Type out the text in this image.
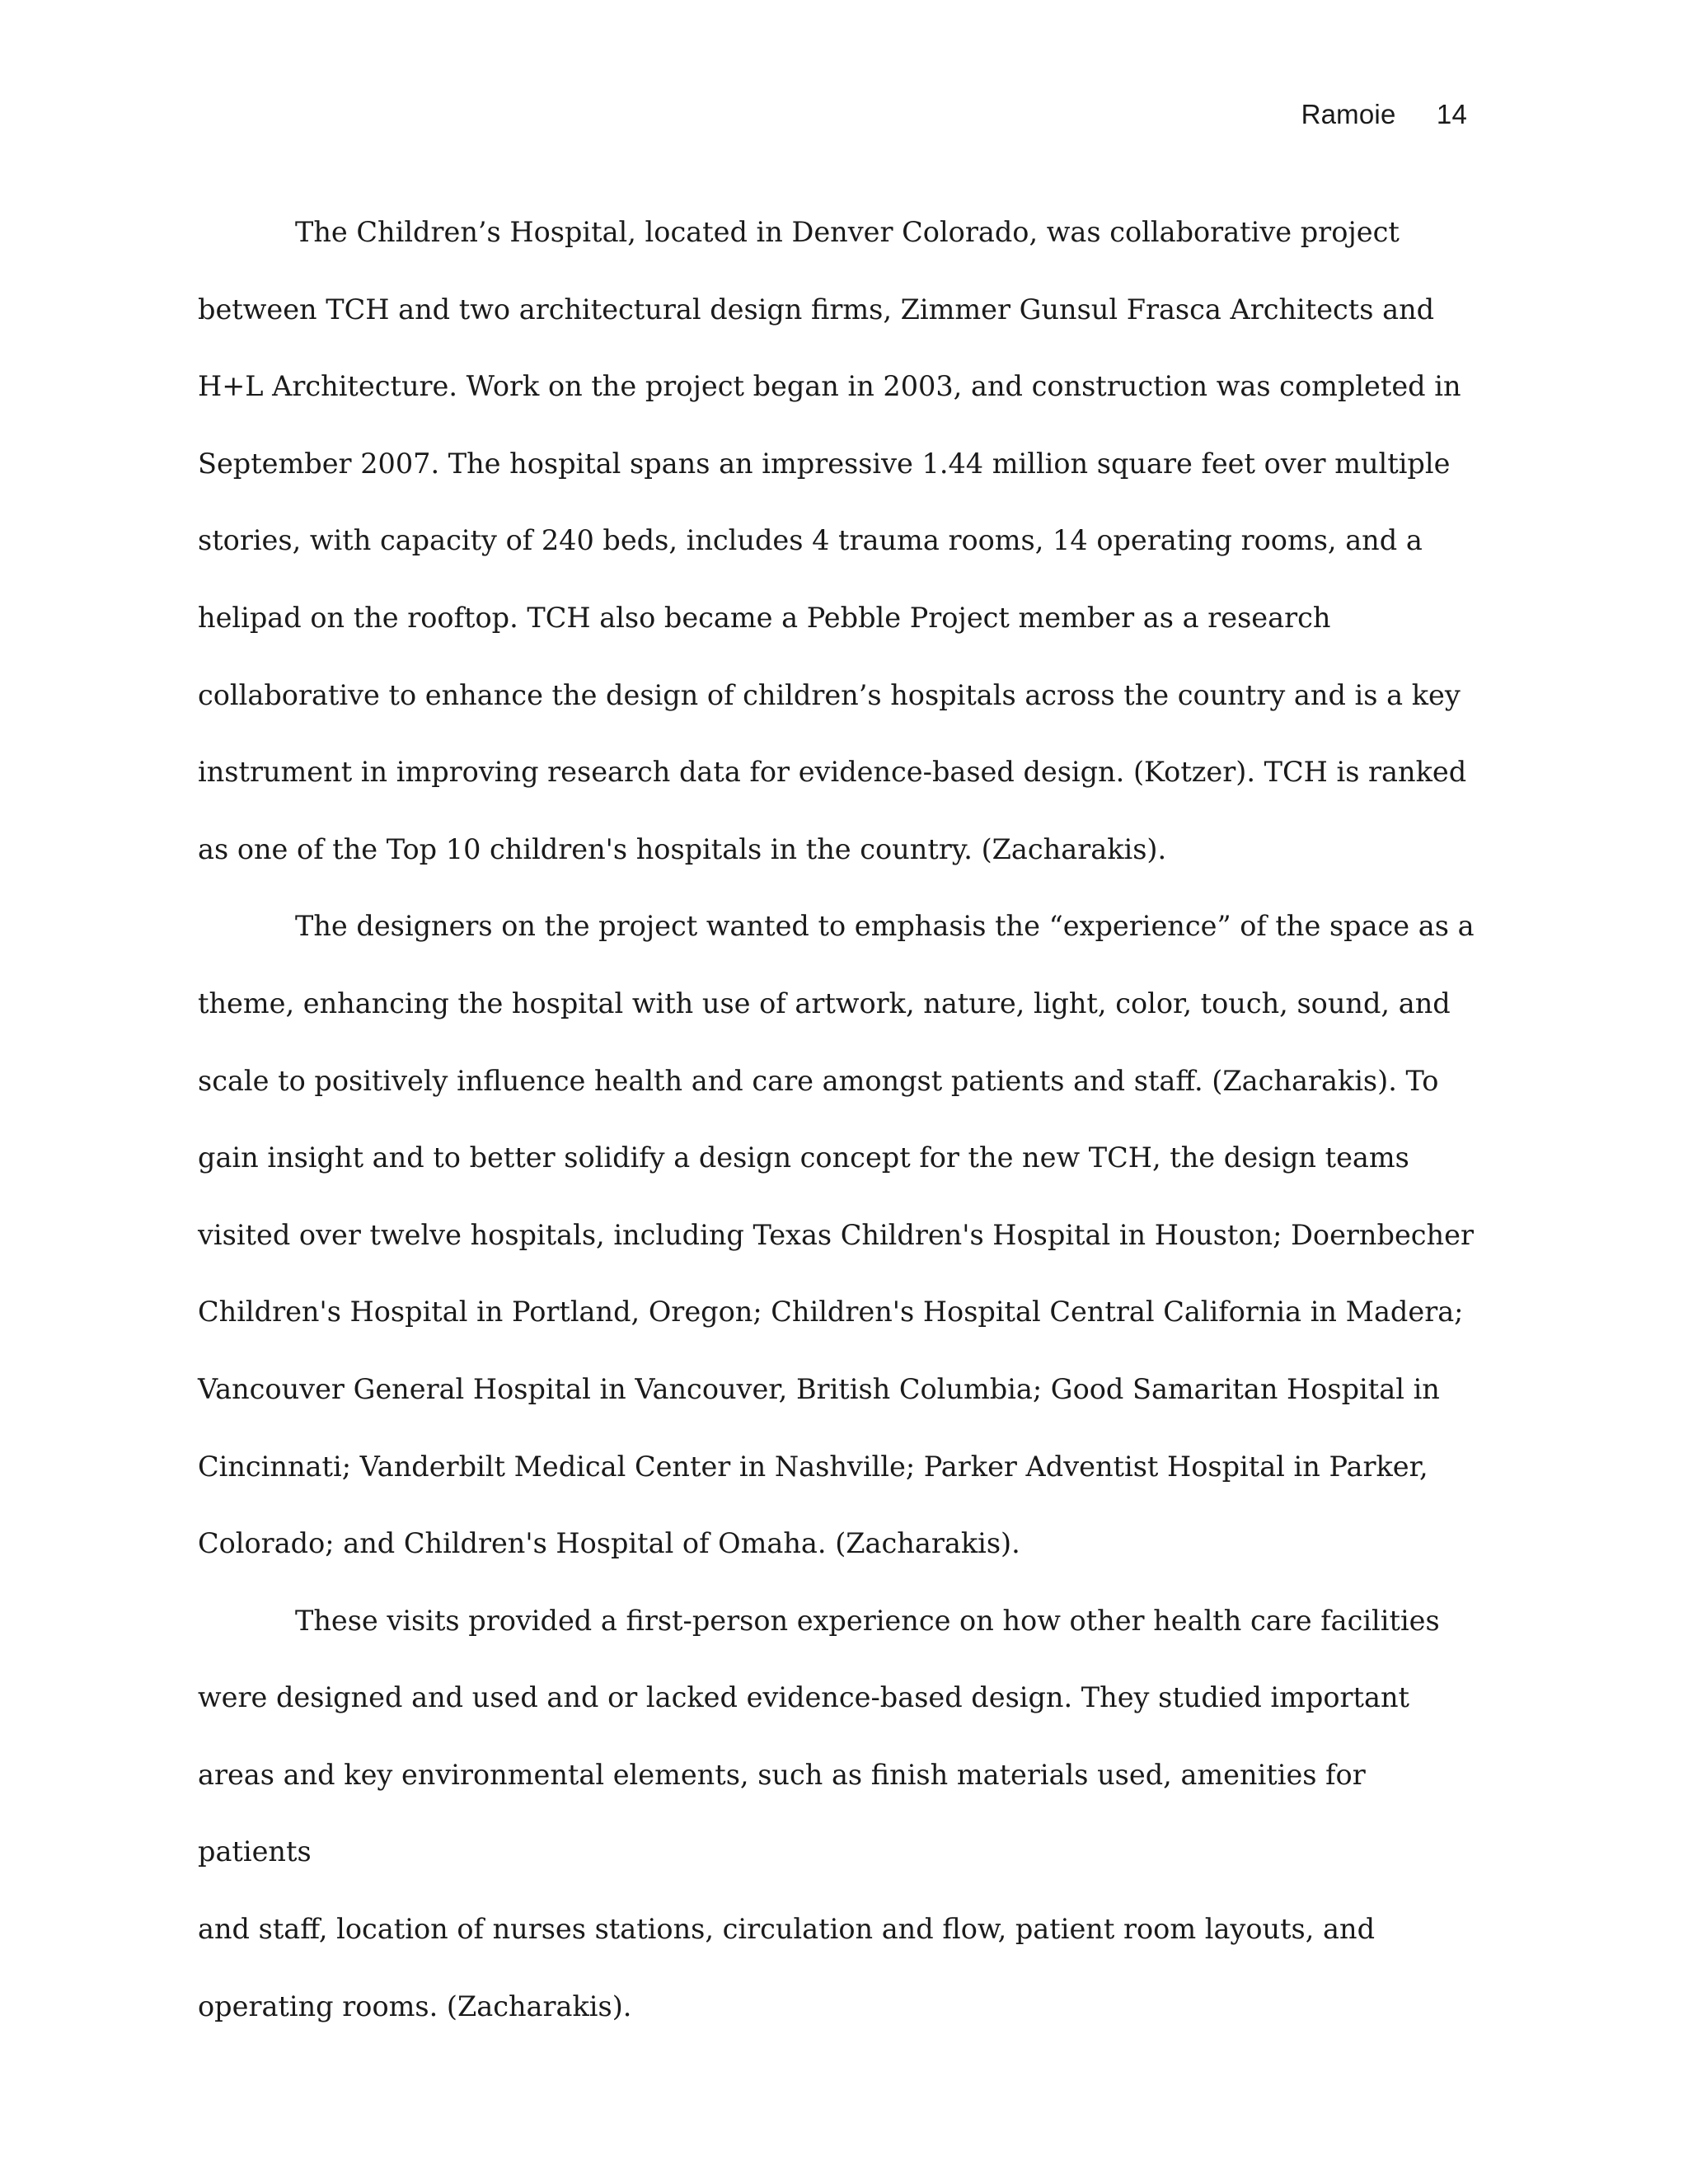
Ramoie 14

The Children’s Hospital, located in Denver Colorado, was collaborative project
between TCH and two architectural design firms, Zimmer Gunsul Frasca Architects and
H+L Architecture. Work on the project began in 2003, and construction was completed in
September 2007. The hospital spans an impressive 1.44 million square feet over multiple
stories, with capacity of 240 beds, includes 4 trauma rooms, 14 operating rooms, and a
helipad on the rooftop. TCH also became a Pebble Project member as a research
collaborative to enhance the design of children’s hospitals across the country and is a key
instrument in improving research data for evidence-based design. (Kotzer). TCH is ranked
as one of the Top 10 children's hospitals in the country. (Zacharakis).

The designers on the project wanted to emphasis the “experience” of the space as a
theme, enhancing the hospital with use of artwork, nature, light, color, touch, sound, and
scale to positively influence health and care amongst patients and staff. (Zacharakis). To
gain insight and to better solidify a design concept for the new TCH, the design teams
visited over twelve hospitals, including Texas Children's Hospital in Houston; Doernbecher
Children's Hospital in Portland, Oregon; Children's Hospital Central California in Madera;
Vancouver General Hospital in Vancouver, British Columbia; Good Samaritan Hospital in
Cincinnati; Vanderbilt Medical Center in Nashville; Parker Adventist Hospital in Parker,
Colorado; and Children's Hospital of Omaha. (Zacharakis).

These visits provided a first-person experience on how other health care facilities
were designed and used and or lacked evidence-based design. They studied important
areas and key environmental elements, such as finish materials used, amenities for patients
and staff, location of nurses stations, circulation and flow, patient room layouts, and
operating rooms. (Zacharakis).
